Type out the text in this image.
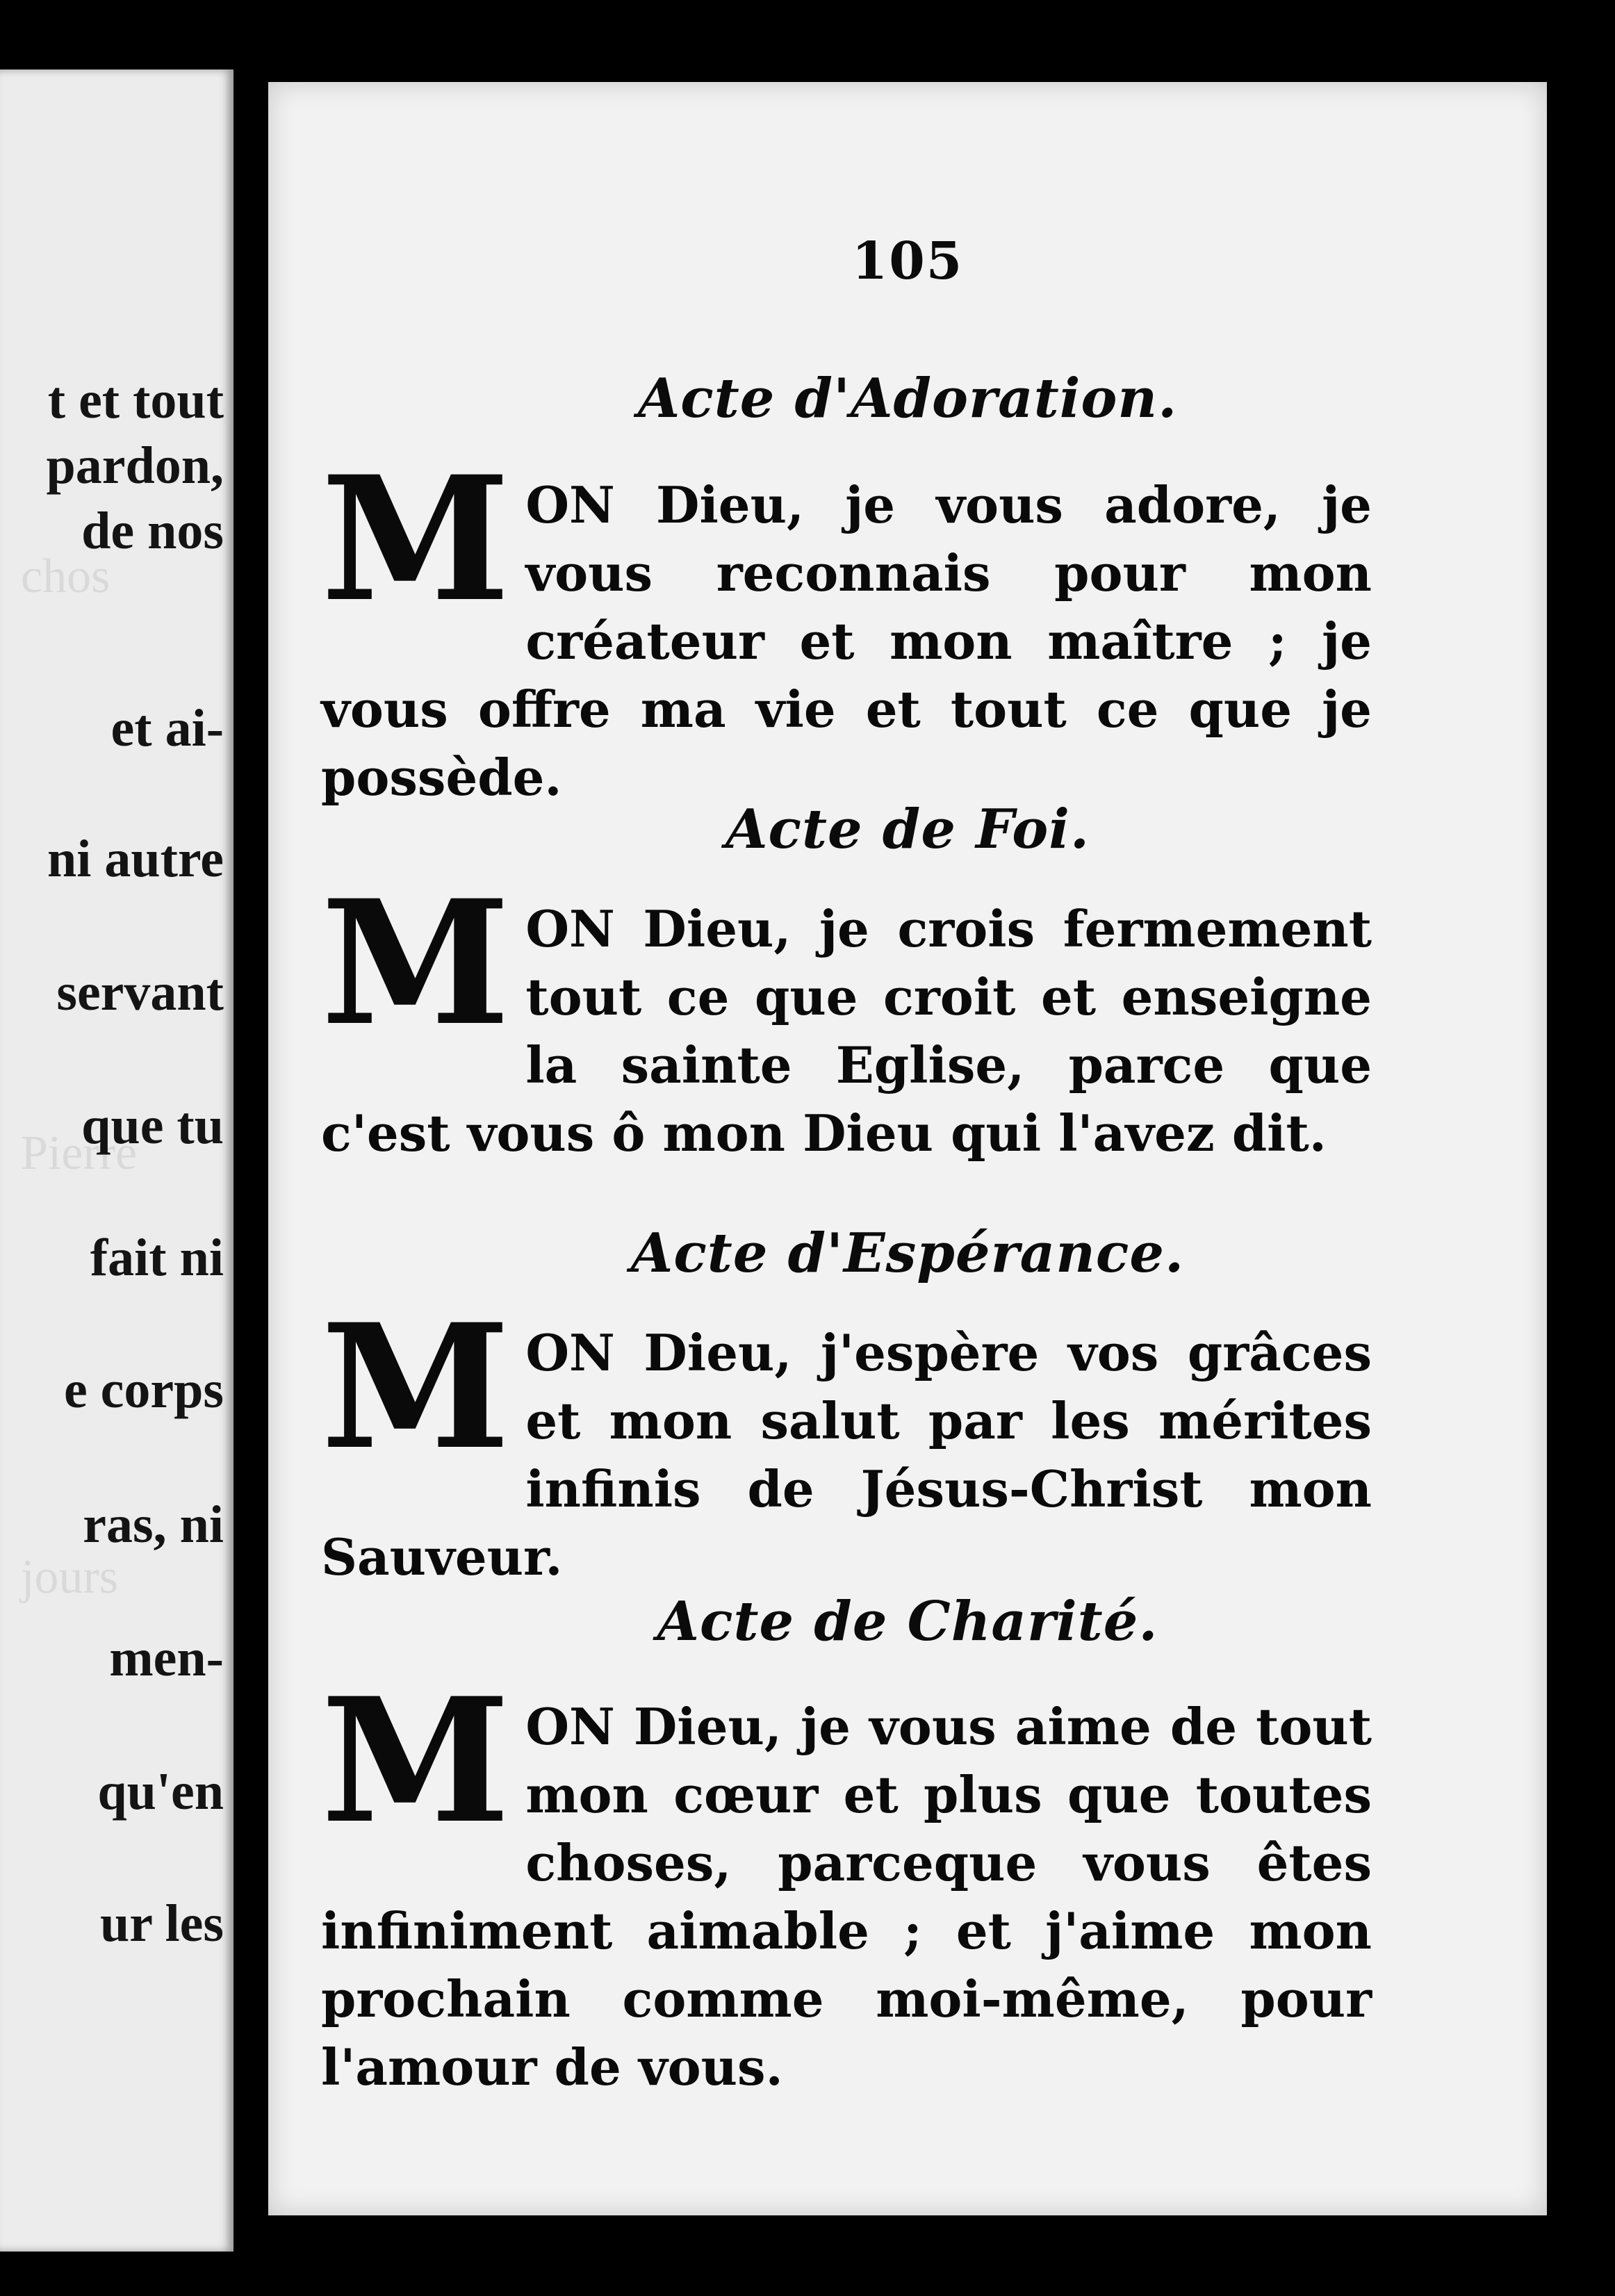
chos
Pierre
jours
t et tout
pardon,
de nos
et ai-
ni autre
servant
que tu
fait ni
e corps
ras, ni
men-
qu'en
ur les

105
Acte d'Adoration.
M ON Dieu, je vous adore, je vous reconnais pour mon créateur et mon maître ; je vous offre ma vie et tout ce que je possède.
Acte de Foi.
M ON Dieu, je crois fermement tout ce que croit et enseigne la sainte Eglise, parce que c'est vous ô mon Dieu qui l'avez dit.
Acte d'Espérance.
M ON Dieu, j'espère vos grâces et mon salut par les mérites infinis de Jésus-Christ mon Sauveur.
Acte de Charité.
M ON Dieu, je vous aime de tout mon cœur et plus que toutes choses, parceque vous êtes infiniment aimable ; et j'aime mon prochain comme moi-même, pour l'amour de vous.
